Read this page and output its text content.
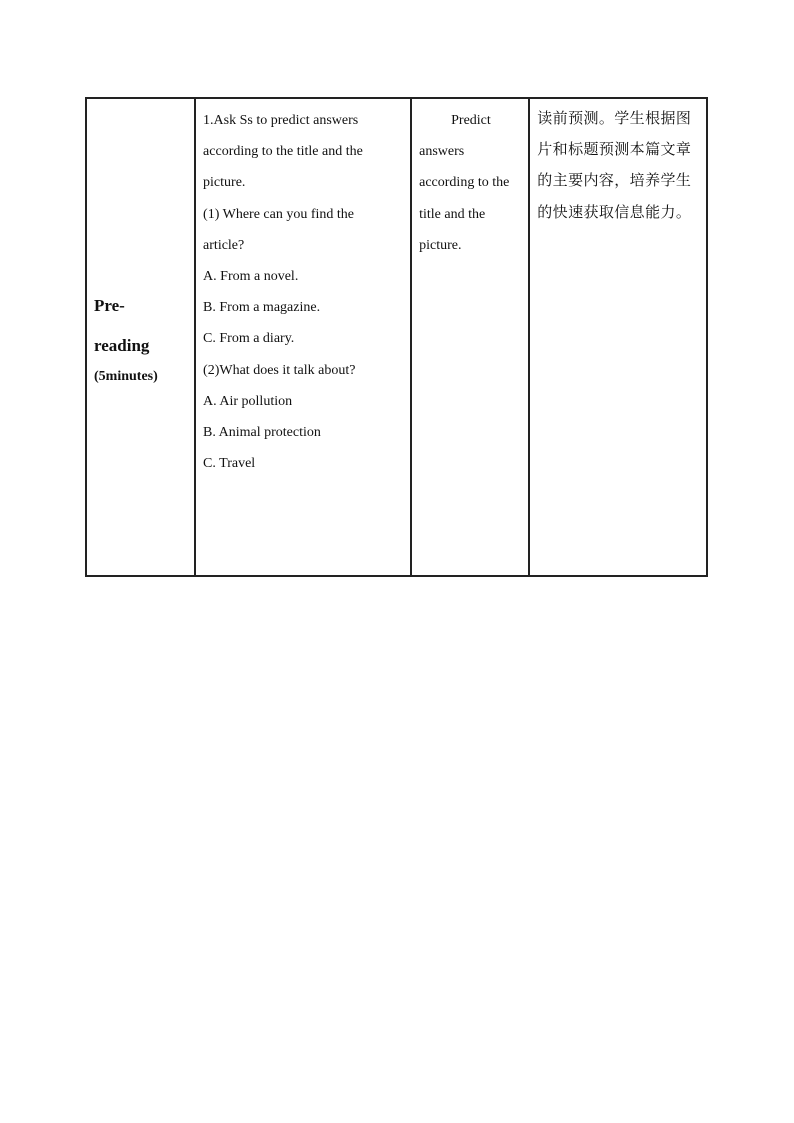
Pre-
reading
(5minutes)

1.Ask Ss to predict answers
according to the title and the
picture.
(1) Where can you find the
article?
A. From a novel.
B. From a magazine.
C. From a diary.
(2)What does it talk about?
A. Air pollution
B. Animal protection
C. Travel

Predict
answers
according to the
title and the
picture.

读前预测。学生根据图片和标题预测本篇文章的主要内容，培养学生的快速获取信息能力。
